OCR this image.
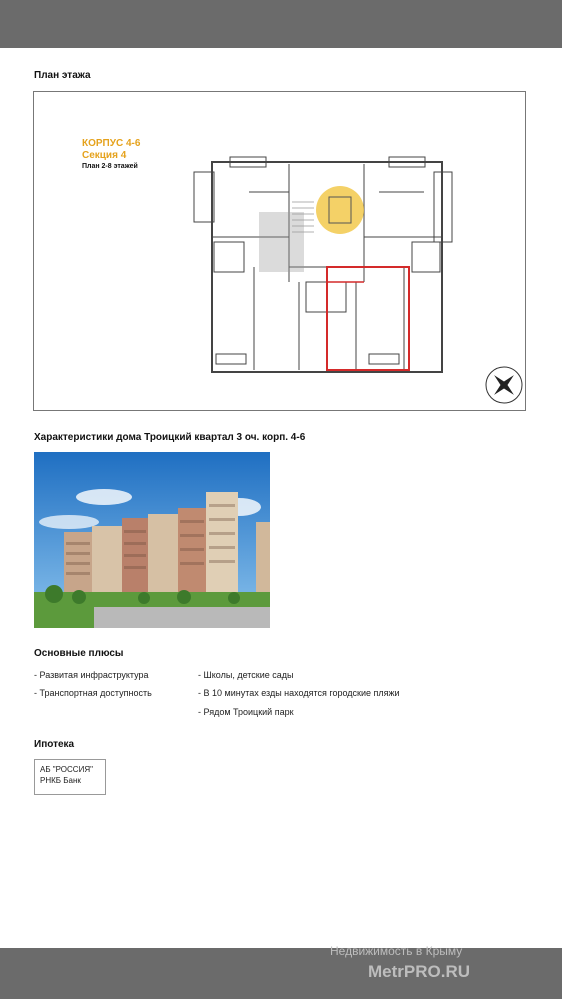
План этажа
КОРПУС 4-6
Секция 4
План 2-8 этажей
Характеристики дома Троицкий квартал 3 оч. корп. 4-6
Основные плюсы
- Развитая инфраструктура
- Транспортная доступность
- Школы, детские сады
- В 10 минутах езды находятся городские пляжи
- Рядом Троицкий парк
Ипотека
АБ "РОССИЯ"
РНКБ Банк
Недвижимость в Крыму
MetrPRO.RU
